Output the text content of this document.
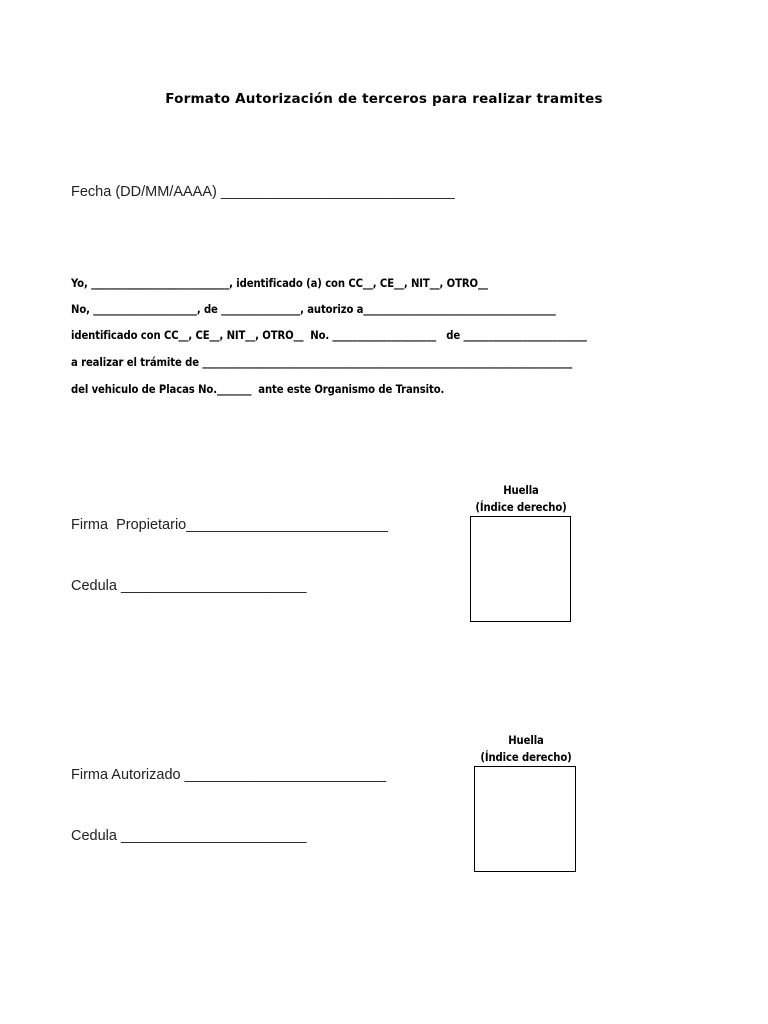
Formato Autorización de terceros para realizar tramites
Fecha (DD/MM/AAAA) _____________________________
Yo, ____________________________, identificado (a) con CC__, CE__, NIT__, OTRO__
No, _____________________, de ________________, autorizo a_______________________________________
identificado con CC__, CE__, NIT__, OTRO__  No. _____________________   de _________________________
a realizar el trámite de ___________________________________________________________________________
del vehiculo de Placas No._______  ante este Organismo de Transito.
Huella
(Índice derecho)
Firma  Propietario_________________________
Cedula _______________________
Huella
(Índice derecho)
Firma Autorizado _________________________
Cedula _______________________
